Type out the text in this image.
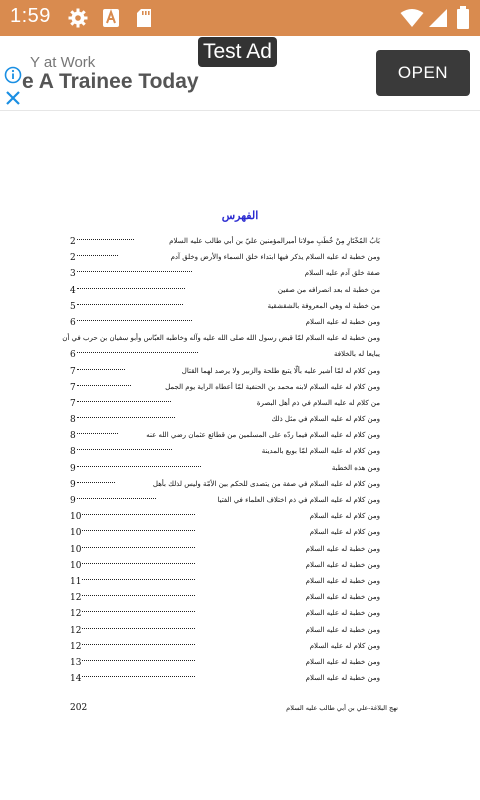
1:59
Test Ad
Y at Work
e A Trainee Today	OPEN
الفهرس
2	بَابُ المُخْتَارِ مِنْ خُطَبِ مولانا أميرالمؤمنين عليّ بن أبي طالب عليه السلام
2	ومن خطبة له عليه السلام يذكر فيها ابتداء خلق السماء والأرض وخلق آدم
3	صفة خلق آدم عليه السلام
4	من خطبة له بعد انصرافه من صفين
5	من خطبة له وهي المعروفة بالشقشقية
6	ومن خطبة له عليه السلام
ومن خطبة له عليه السلام لمّا قبض رسول الله صلى الله عليه وآله وخاطبه العبّاس وأبو سفيان بن حرب في أن
6	يبايعا له بالخلافة
7	ومن كلام له لمّا أشير عليه بألّا يتبع طلحة والزبير ولا يرصد لهما القتال
7	ومن كلام له عليه السلام لابنه محمد بن الحنفية لمّا أعطاه الراية يوم الجمل
7	من كلام له عليه السلام في ذم أهل البصرة
8	ومن كلام له عليه السلام في مثل ذلك
8	ومن كلام له عليه السلام فيما ردّه على المسلمين من قطائع عثمان رضي الله عنه
8	ومن كلام له عليه السلام لمّا بويع بالمدينة
9	ومن هذه الخطبة
9	ومن كلام له عليه السلام في صفة من يتصدى للحكم بين الأمّة وليس لذلك بأهل
9	ومن كلام له عليه السلام في ذم اختلاف العلماء في الفتيا
10	ومن كلام له عليه السلام
10	ومن كلام له عليه السلام
10	ومن خطبة له عليه السلام
10	ومن خطبة له عليه السلام
11	ومن خطبة له عليه السلام
12	ومن خطبة له عليه السلام
12	ومن خطبة له عليه السلام
12	ومن خطبة له عليه السلام
12	ومن كلام له عليه السلام
13	ومن خطبة له عليه السلام
14	ومن خطبة له عليه السلام
202	نهج البلاغة-علي بن أبي طالب عليه السلام
